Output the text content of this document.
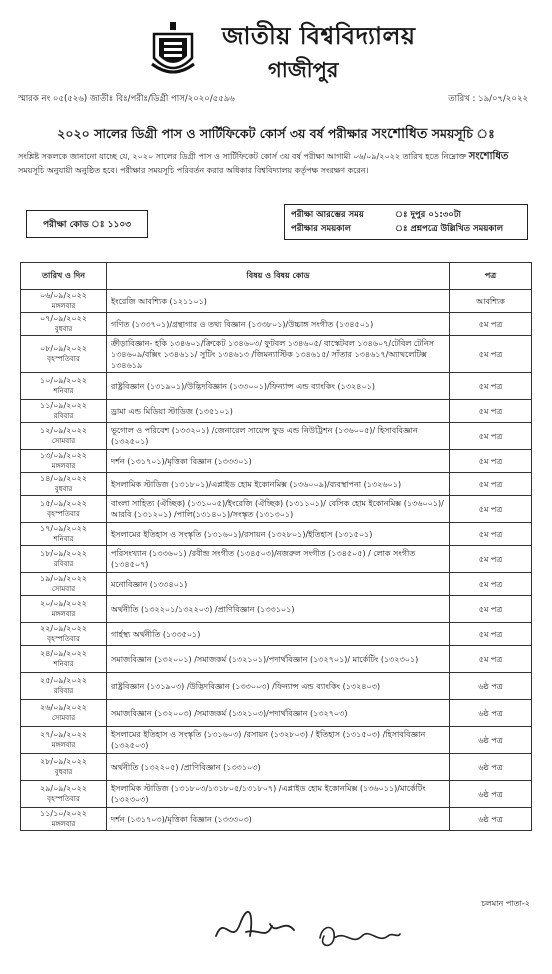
জাতীয় বিশ্ববিদ্যালয়
গাজীপুর
স্মারক নং ০৫(৫২৬) জাতীঃ বিঃ/পরীঃ/ডিগ্রী পাস/২০২০/৫৫৯৬	তারিখ : ১৯/০৭/২০২২
২০২০ সালের ডিগ্রী পাস ও সার্টিফিকেট কোর্স ৩য় বর্ষ পরীক্ষার সংশোধিত সময়সূচি ঃ
সংশ্লিষ্ট সকলকে জানানো যাচ্ছে যে, ২০২০ সালের ডিগ্রী পাস ও সার্টিফিকেট কোর্স ৩য় বর্ষ পরীক্ষা আগামী ০৬/০৯/২০২২ তারিখ হতে নিম্নোক্ত সংশোধিত সময়সূচি অনুযায়ী অনুষ্ঠিত হবে। পরীক্ষার সময়সূচি পরিবর্তন করার অধিকার বিশ্ববিদ্যালয় কর্তৃপক্ষ সংরক্ষণ করেন।
পরীক্ষা কোড ঃ ১১০৩
পরীক্ষা আরম্ভের সময়	ঃ দুপুর ০১:৩০টা
পরীক্ষার সময়কাল	ঃ প্রশ্নপত্রে উল্লিখিত সময়কাল
তারিখ ও দিন	বিষয় ও বিষয় কোড	পত্র

০৬/০৯/২০২২
মঙ্গলবার	ইংরেজি আবশ্যিক (১২১১০১)	আবশ্যিক

০৭/০৯/২০২২
বুধবার	গণিত (১৩৩৭০১)/গ্রন্থাগার ও তথ্য বিজ্ঞান (১৩৩৮০১)/উচ্চাঙ্গ সংগীত (১৩৪৫০১)	৫ম পত্র

০৮/০৯/২০২২
বৃহস্পতিবার	ক্রীড়াবিজ্ঞান- হকি ১৩৪৬০১/ক্রিকেট ১৩৪৬০৩/ ফুটবল ১৩৪৬০৫/ বাস্কেটবল ১৩৪৬০৭/টেবিল টেনিস ১৩৪৬০৯/বক্সিং ১৩৪৬১১/ সুটিং ১৩৪৬১৩ /জিমন্যাস্টিক ১৩৪৬১৫/ সাঁতার ১৩৪৬১৭/অ্যাথলেটিক্স ১৩৪৬১৯	৫ম পত্র

১০/০৯/২০২২
শনিবার	রাষ্ট্রবিজ্ঞান (১৩১৯০১)/উদ্ভিদবিজ্ঞান (১৩৩০০১)/ফিন্যান্স এন্ড ব্যাংকিং (১৩২৪০১)	৫ম পত্র

১১/০৯/২০২২
রবিবার	ড্রামা এন্ড মিডিয়া স্টাডিজ (১৩৫১০১)	৫ম পত্র

১২/০৯/২০২২
সোমবার	ভূগোল ও পরিবেশ (১৩৩২০১) /জেনারেল সায়েন্স ফুড এন্ড নিউট্রিশন (১৩৬০০৫)/ হিসাববিজ্ঞান (১৩২৫০১)	৫ম পত্র

১৩/০৯/২০২২
মঙ্গলবার	দর্শন (১৩১৭০১)/মৃত্তিকা বিজ্ঞান (১৩৩৩০১)	৫ম পত্র

১৪/০৯/২০২২
বুধবার	ইসলামিক স্টাডিজ (১৩১৮০১)/এপ্লাইড হোম ইকোনমিক্স (১৩৬০০৯)/ব্যবস্থাপনা (১৩২৬০১)	৫ম পত্র

১৫/০৯/২০২২
বৃহস্পতিবার	বাংলা সাহিত্য (ঐচ্ছিক) (১৩১০০৫)/ইংরেজি (ঐচ্ছিক) (১৩১১০১)/ বেসিক হোম ইকোনমিক্স (১৩৬০০১)/ আরবি (১৩১২০১) /পালি(১৩১৪০১)/সংস্কৃত (১৩১৩০১)	৫ম পত্র

১৭/০৯/২০২২
শনিবার	ইসলামের ইতিহাস ও সংস্কৃতি (১৩১৬০১)/রসায়ন (১৩২৮০১)/ইতিহাস (১৩১৫০১)	৫ম পত্র

১৮/০৯/২০২২
রবিবার	পরিসংখ্যান (১৩৩৬০১) /রবীন্দ্র সংগীত (১৩৪৫০৩)/নজরুল সংগীত (১৩৪৫০৫) / লোক সংগীত (১৩৪৫০৭)	৫ম পত্র

১৯/০৯/২০২২
সোমবার	মনোবিজ্ঞান (১৩৩৪০১)	৫ম পত্র

২০/০৯/২০২২
মঙ্গলবার	অর্থনীতি (১৩২২০১/১৩২২০৩) /প্রাণিবিজ্ঞান (১৩৩১০১)	৫ম পত্র

২২/০৯/২০২২
বৃহস্পতিবার	গার্হস্থ্য অর্থনীতি (১৩৩৫০১)	৫ম পত্র

২৪/০৯/২০২২
শনিবার	সমাজবিজ্ঞান (১৩২০০১) /সমাজকর্ম (১৩২১০১)/পদার্থবিজ্ঞান (১৩২৭০১)/ মার্কেটিং (১৩২৩০১)	৫ম পত্র

২৫/০৯/২০২২
রবিবার	রাষ্ট্রবিজ্ঞান (১৩১৯০৩) /উদ্ভিদবিজ্ঞান (১৩৩০০৩) /ফিন্যান্স এন্ড ব্যাংকিং (১৩২৪০৩)	৬ষ্ঠ পত্র

২৬/০৯/২০২২
সোমবার	সমাজবিজ্ঞান (১৩২০০৩) /সমাজকর্ম (১৩২১০৩)/পদার্থবিজ্ঞান (১৩২৭০৩)	৬ষ্ঠ পত্র

২৭/০৯/২০২২
মঙ্গলবার	ইসলামের ইতিহাস ও সংস্কৃতি (১৩১৬০৩) /রসায়ন (১৩২৮০৩) / ইতিহাস (১৩১৫০৩) /হিসাববিজ্ঞান (১৩২৫০৩)	৬ষ্ঠ পত্র

২৮/০৯/২০২২
বুধবার	অর্থনীতি (১৩২২০৫) /প্রাণিবিজ্ঞান (১৩৩১০৩)	৬ষ্ঠ পত্র

২৯/০৯/২০২২
বৃহস্পতিবার	ইসলামিক স্টাডিজ (১৩১৮০৩/১৩১৮০৫/১৩১৮০৭) /এপ্লাইড হোম ইকোনমিক্স (১৩৬০১১)/মার্কেটিং (১৩২৩০৩)	৬ষ্ঠ পত্র

১১/১০/২০২২
মঙ্গলবার	দর্শন (১৩১৭০৩)/মৃত্তিকা বিজ্ঞান (১৩৩৩০৩)	৬ষ্ঠ পত্র
চলমান পাতা-২
